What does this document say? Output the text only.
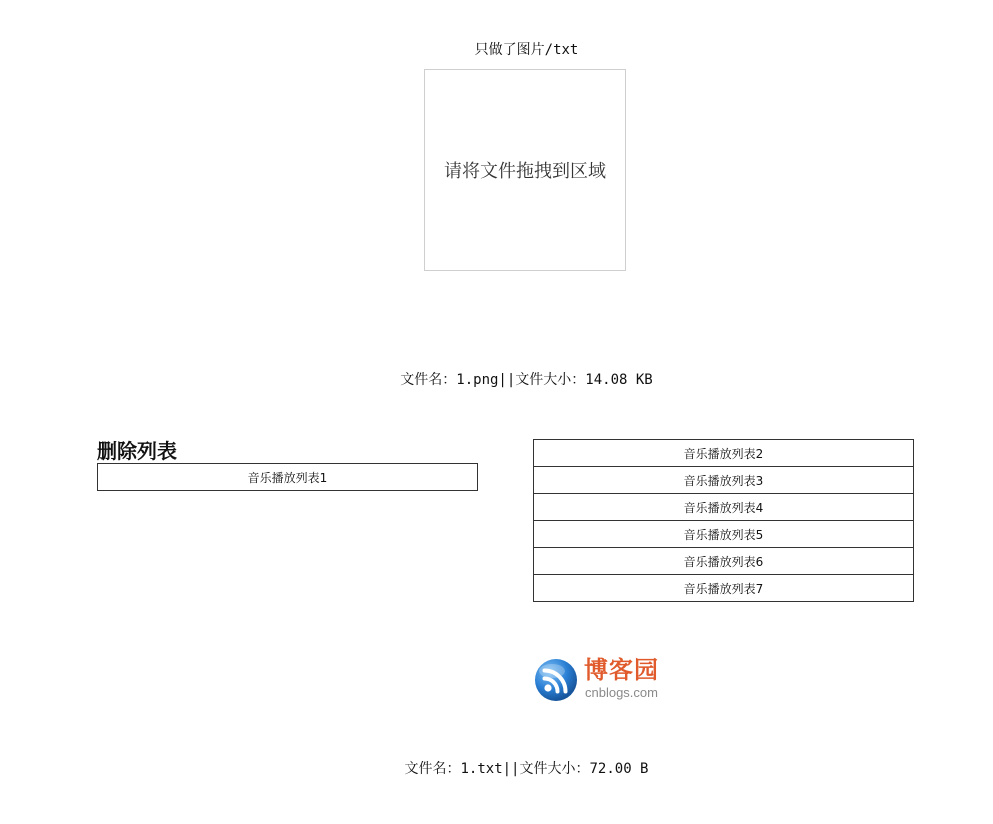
只做了图片/txt
请将文件拖拽到区域
文件名：1.png||文件大小：14.08 KB
删除列表
音乐播放列表1
音乐播放列表2
音乐播放列表3
音乐播放列表4
音乐播放列表5
音乐播放列表6
音乐播放列表7
博客园
cnblogs.com
文件名：1.txt||文件大小：72.00 B
